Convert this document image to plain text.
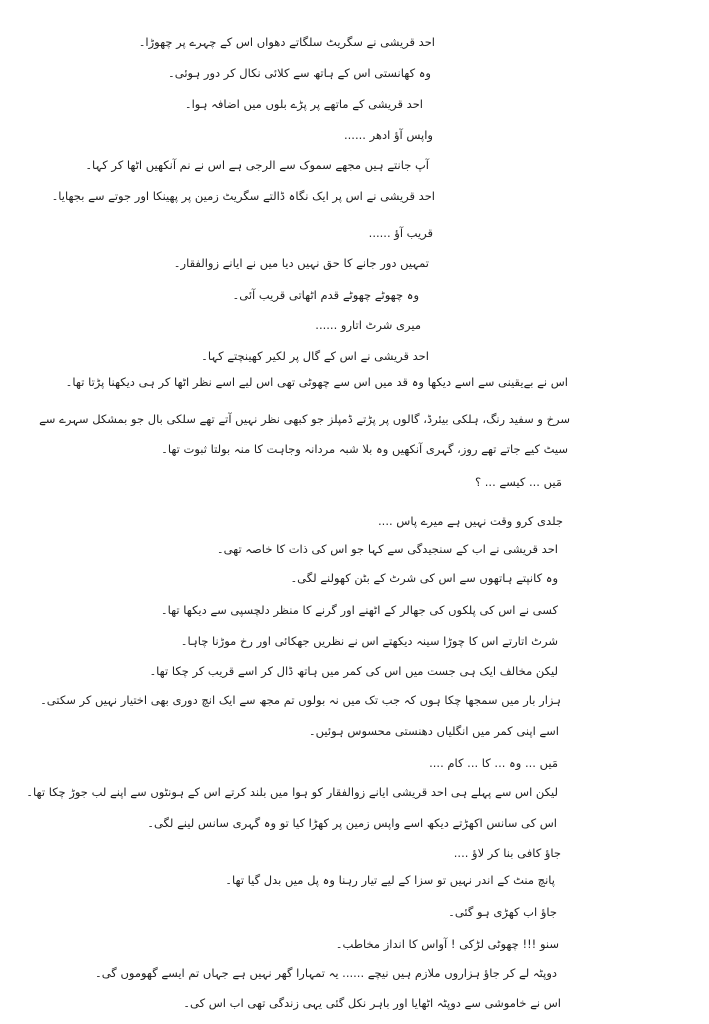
احد قریشی نے سگریٹ سلگاتے دھواں اس کے چہرے پر چھوڑا۔
وہ کھانستی اس کے ہاتھ سے کلائی نکال کر دور ہوئی۔
احد قریشی کے ماتھے پر پڑے بلوں میں اضافہ ہوا۔
واپس آؤ ادھر ......
آپ جانتے ہیں مجھے سموک سے الرجی ہے اس نے نم آنکھیں اٹھا کر کہا۔
احد قریشی نے اس پر ایک نگاہ ڈالتے سگریٹ زمین پر پھینکا اور جوتے سے بجھایا۔
قریب آؤ ......
تمہیں دور جانے کا حق نہیں دیا میں نے ایانے زوالفقار۔
وہ چھوٹے چھوٹے قدم اٹھاتی قریب آئی۔
میری شرٹ اتارو ......
احد قریشی نے اس کے گال پر لکیر کھینچتے کہا۔
اس نے بےیقینی سے اسے دیکھا وہ قد میں اس سے چھوٹی تھی اس لیے اسے نظر اٹھا کر ہی دیکھنا پڑتا تھا۔
سرخ و سفید رنگ، ہلکی بیئرڈ، گالوں پر پڑتے ڈمپلز جو کبھی نظر نہیں آتے تھے سلکی بال جو بمشکل سہرے سے
سیٹ کیے جاتے تھے روز، گہری آنکھیں وہ بلا شبہ مردانہ وجاہت کا منہ بولتا ثبوت تھا۔
مَیں ... کیسے ... ؟
جلدی کرو وقت نہیں ہے میرے پاس ....
احد قریشی نے اب کے سنجیدگی سے کہا جو اس کی ذات کا خاصہ تھی۔
وہ کانپتے ہاتھوں سے اس کی شرٹ کے بٹن کھولنے لگی۔
کسی نے اس کی پلکوں کی جھالر کے اٹھنے اور گرنے کا منظر دلچسپی سے دیکھا تھا۔
شرٹ اتارتے اس کا چوڑا سینہ دیکھتے اس نے نظریں جھکائی اور رخ موڑنا چاہا۔
لیکن مخالف ایک ہی جست میں اس کی کمر میں ہاتھ ڈال کر اسے قریب کر چکا تھا۔
ہزار بار میں سمجھا چکا ہوں کہ جب تک میں نہ بولوں تم مجھ سے ایک انچ دوری بھی اختیار نہیں کر سکتی۔
اسے اپنی کمر میں انگلیاں دھنستی محسوس ہوئیں۔
مَیں ... وہ ... کا ... کام ....
لیکن اس سے پہلے ہی احد قریشی ایانے زوالفقار کو ہوا میں بلند کرتے اس کے ہونٹوں سے اپنے لب جوڑ چکا تھا۔
اس کی سانس اکھڑتے دیکھ اسے واپس زمین پر کھڑا کیا تو وہ گہری سانس لینے لگی۔
جاؤ کافی بنا کر لاؤ ....
پانچ منٹ کے اندر نہیں تو سزا کے لیے تیار رہنا وہ پل میں بدل گیا تھا۔
جاؤ اب کھڑی ہو گئی۔
سنو !!! چھوٹی لڑکی ! آواس کا انداز مخاطب۔
دوپٹہ لے کر جاؤ ہزاروں ملازم ہیں نیچے ...... یہ تمہارا گھر نہیں ہے جہاں تم ایسے گھوموں گی۔
اس نے خاموشی سے دوپٹہ اٹھایا اور باہر نکل گئی یہی زندگی تھی اب اس کی۔
